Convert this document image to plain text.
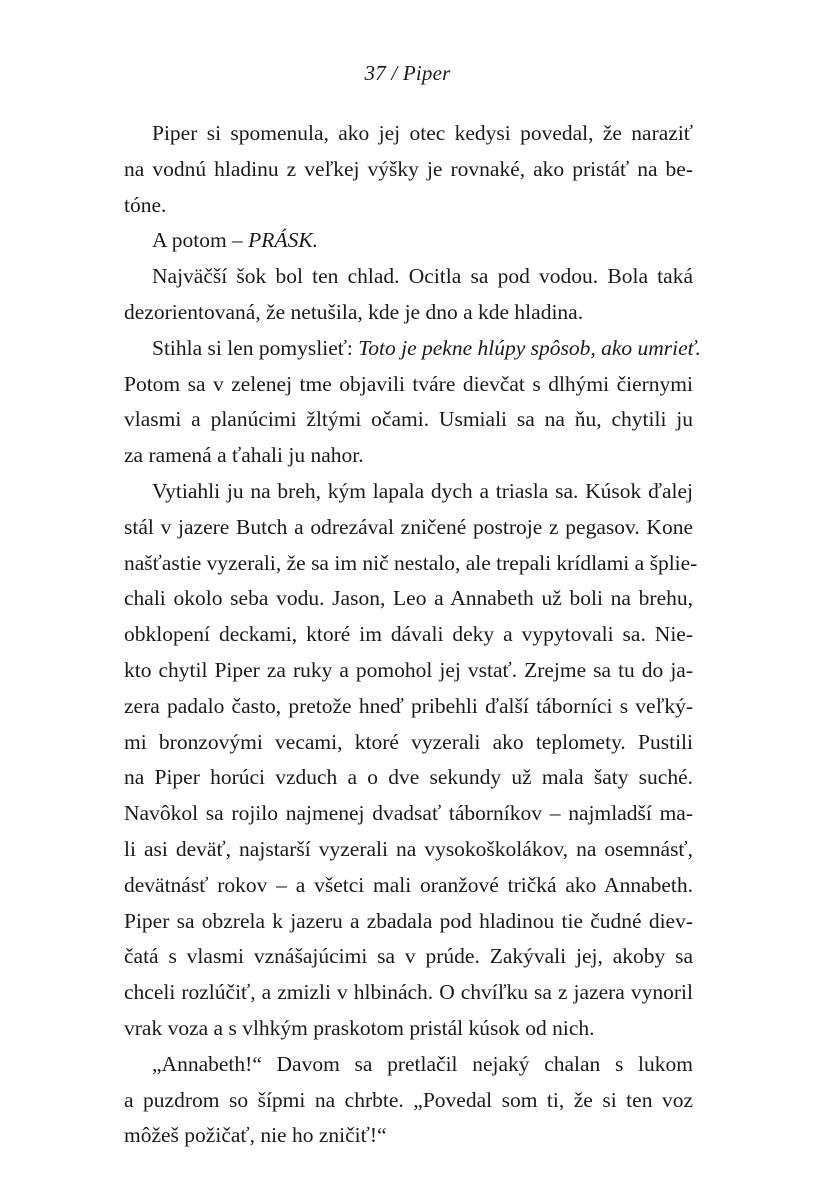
37 / Piper
Piper si spomenula, ako jej otec kedysi povedal, že naraziť
na vodnú hladinu z veľkej výšky je rovnaké, ako pristáť na be-
tóne.
A potom – PRÁSK.
Najväčší šok bol ten chlad. Ocitla sa pod vodou. Bola taká
dezorientovaná, že netušila, kde je dno a kde hladina.
Stihla si len pomyslieť: Toto je pekne hlúpy spôsob, ako umrieť.
Potom sa v zelenej tme objavili tváre dievčat s dlhými čiernymi
vlasmi a planúcimi žltými očami. Usmiali sa na ňu, chytili ju
za ramená a ťahali ju nahor.
Vytiahli ju na breh, kým lapala dych a triasla sa. Kúsok ďalej
stál v jazere Butch a odrezával zničené postroje z pegasov. Kone
našťastie vyzerali, že sa im nič nestalo, ale trepali krídlami a šplie-
chali okolo seba vodu. Jason, Leo a Annabeth už boli na brehu,
obklopení deckami, ktoré im dávali deky a vypytovali sa. Nie-
kto chytil Piper za ruky a pomohol jej vstať. Zrejme sa tu do ja-
zera padalo často, pretože hneď pribehli ďalší táborníci s veľký-
mi bronzovými vecami, ktoré vyzerali ako teplomety. Pustili
na Piper horúci vzduch a o dve sekundy už mala šaty suché.
Navôkol sa rojilo najmenej dvadsať táborníkov – najmladší ma-
li asi deväť, najstarší vyzerali na vysokoškolákov, na osemnásť,
devätnásť rokov – a všetci mali oranžové tričká ako Annabeth.
Piper sa obzrela k jazeru a zbadala pod hladinou tie čudné diev-
čatá s vlasmi vznášajúcimi sa v prúde. Zakývali jej, akoby sa
chceli rozlúčiť, a zmizli v hlbinách. O chvíľku sa z jazera vynoril
vrak voza a s vlhkým praskotom pristál kúsok od nich.
„Annabeth!“ Davom sa pretlačil nejaký chalan s lukom
a puzdrom so šípmi na chrbte. „Povedal som ti, že si ten voz
môžeš požičať, nie ho zničiť!“
